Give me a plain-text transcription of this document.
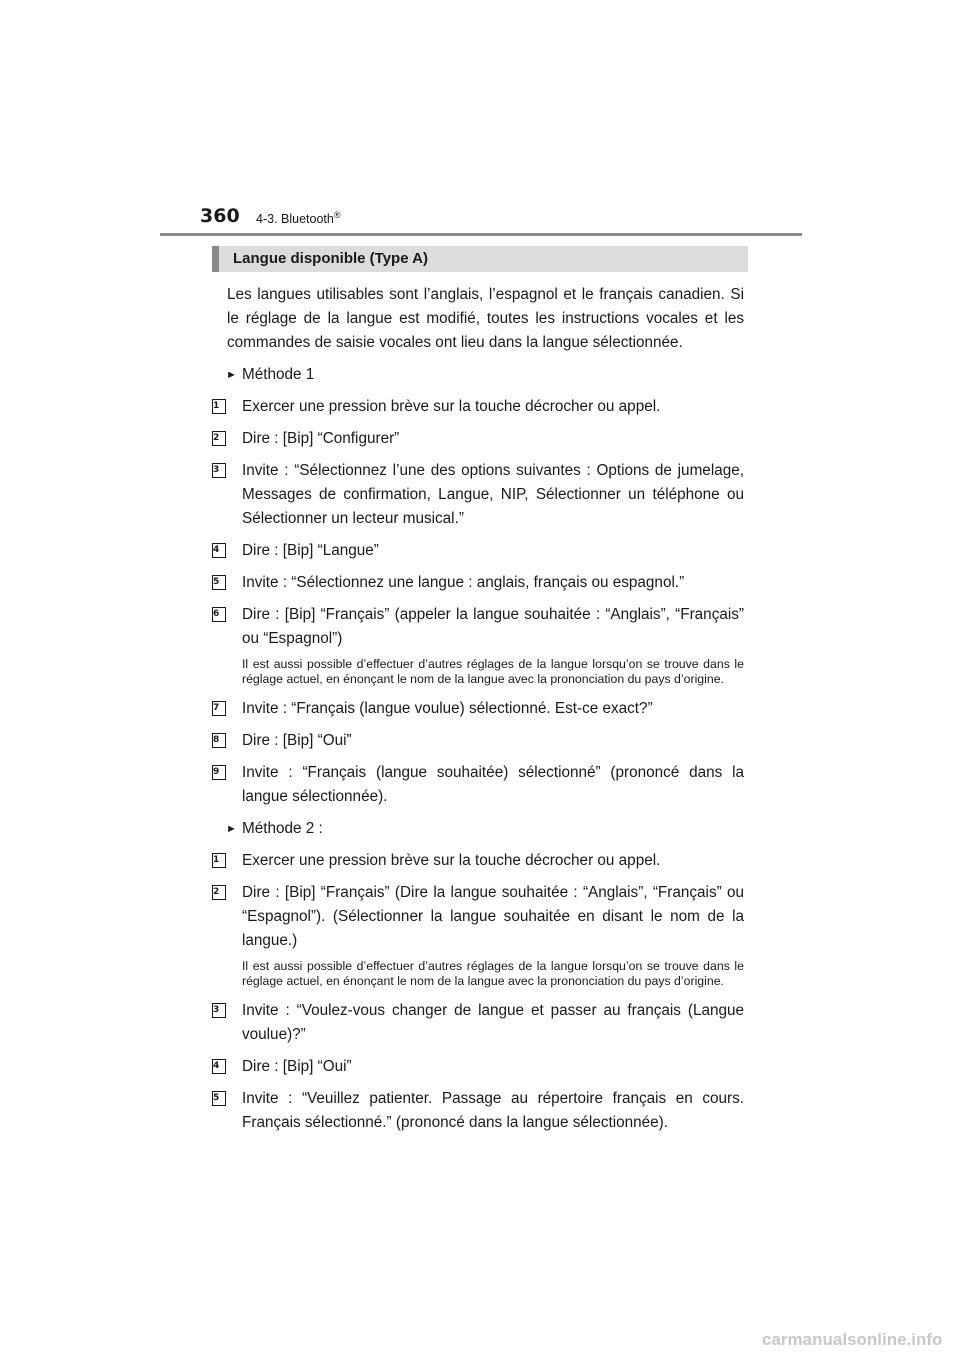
360 4-3. Bluetooth®
Langue disponible (Type A)

Les langues utilisables sont l’anglais, l’espagnol et le français canadien. Si le réglage de la langue est modifié, toutes les instructions vocales et les commandes de saisie vocales ont lieu dans la langue sélectionnée.

► Méthode 1
1	Exercer une pression brève sur la touche décrocher ou appel.
2	Dire : [Bip] “Configurer”
3	Invite : “Sélectionnez l’une des options suivantes : Options de jumelage, Messages de confirmation, Langue, NIP, Sélectionner un téléphone ou Sélectionner un lecteur musical.”
4	Dire : [Bip] “Langue”
5	Invite : “Sélectionnez une langue : anglais, français ou espagnol.”
6	Dire : [Bip] “Français” (appeler la langue souhaitée : “Anglais”, “Français” ou “Espagnol”)

Il est aussi possible d’effectuer d’autres réglages de la langue lorsqu’on se trouve dans le réglage actuel, en énonçant le nom de la langue avec la prononciation du pays d’origine.

7	Invite : “Français (langue voulue) sélectionné. Est-ce exact?”
8	Dire : [Bip] “Oui”
9	Invite : “Français (langue souhaitée) sélectionné” (prononcé dans la langue sélectionnée).
► Méthode 2 :
1	Exercer une pression brève sur la touche décrocher ou appel.
2	Dire : [Bip] “Français” (Dire la langue souhaitée : “Anglais”, “Français” ou “Espagnol”). (Sélectionner la langue souhaitée en disant le nom de la langue.)

Il est aussi possible d’effectuer d’autres réglages de la langue lorsqu’on se trouve dans le réglage actuel, en énonçant le nom de la langue avec la prononciation du pays d’origine.

3	Invite : “Voulez-vous changer de langue et passer au français (Langue voulue)?”
4	Dire : [Bip] “Oui”
5	Invite : “Veuillez patienter. Passage au répertoire français en cours. Français sélectionné.” (prononcé dans la langue sélectionnée).
carmanualsonline.info
